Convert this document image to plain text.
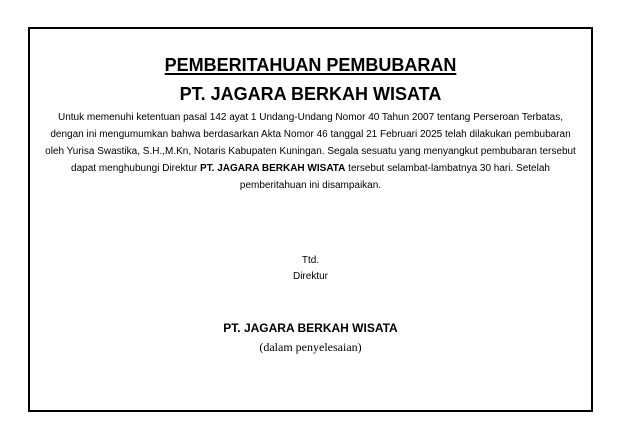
PEMBERITAHUAN PEMBUBARAN
PT. JAGARA BERKAH WISATA
Untuk memenuhi ketentuan pasal 142 ayat 1 Undang-Undang Nomor 40 Tahun 2007 tentang Perseroan Terbatas, dengan ini mengumumkan bahwa berdasarkan Akta Nomor 46 tanggal 21 Februari 2025 telah dilakukan pembubaran oleh Yurisa Swastika, S.H.,M.Kn, Notaris Kabupaten Kuningan. Segala sesuatu yang menyangkut pembubaran tersebut dapat menghubungi Direktur PT. JAGARA BERKAH WISATA tersebut selambat-lambatnya 30 hari. Setelah pemberitahuan ini disampaikan.
Ttd.
Direktur
PT. JAGARA BERKAH WISATA
(dalam penyelesaian)
